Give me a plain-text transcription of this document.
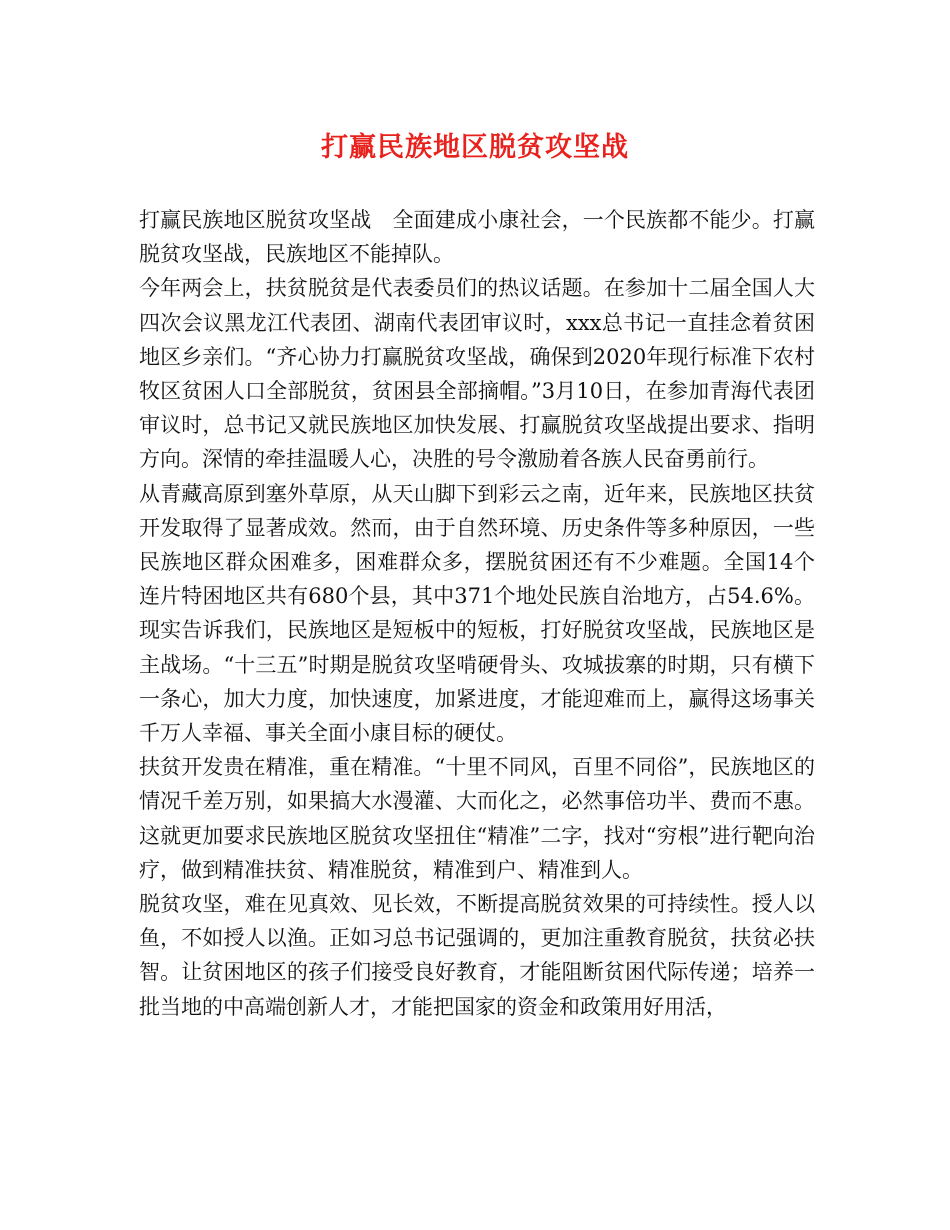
打赢民族地区脱贫攻坚战

打赢民族地区脱贫攻坚战　全面建成小康社会，一个民族都不能少。打赢脱贫攻坚战，民族地区不能掉队。

今年两会上，扶贫脱贫是代表委员们的热议话题。在参加十二届全国人大四次会议黑龙江代表团、湖南代表团审议时，xxx总书记一直挂念着贫困地区乡亲们。“齐心协力打赢脱贫攻坚战，确保到2020年现行标准下农村牧区贫困人口全部脱贫，贫困县全部摘帽。”3月10日，在参加青海代表团审议时，总书记又就民族地区加快发展、打赢脱贫攻坚战提出要求、指明方向。深情的牵挂温暖人心，决胜的号令激励着各族人民奋勇前行。

从青藏高原到塞外草原，从天山脚下到彩云之南，近年来，民族地区扶贫开发取得了显著成效。然而，由于自然环境、历史条件等多种原因，一些民族地区群众困难多，困难群众多，摆脱贫困还有不少难题。全国14个连片特困地区共有680个县，其中371个地处民族自治地方，占54.6%。现实告诉我们，民族地区是短板中的短板，打好脱贫攻坚战，民族地区是主战场。“十三五”时期是脱贫攻坚啃硬骨头、攻城拔寨的时期，只有横下一条心，加大力度，加快速度，加紧进度，才能迎难而上，赢得这场事关千万人幸福、事关全面小康目标的硬仗。

扶贫开发贵在精准，重在精准。“十里不同风，百里不同俗”，民族地区的情况千差万别，如果搞大水漫灌、大而化之，必然事倍功半、费而不惠。这就更加要求民族地区脱贫攻坚扭住“精准”二字，找对“穷根”进行靶向治疗，做到精准扶贫、精准脱贫，精准到户、精准到人。

脱贫攻坚，难在见真效、见长效，不断提高脱贫效果的可持续性。授人以鱼，不如授人以渔。正如习总书记强调的，更加注重教育脱贫，扶贫必扶智。让贫困地区的孩子们接受良好教育，才能阻断贫困代际传递；培养一批当地的中高端创新人才，才能把国家的资金和政策用好用活，
